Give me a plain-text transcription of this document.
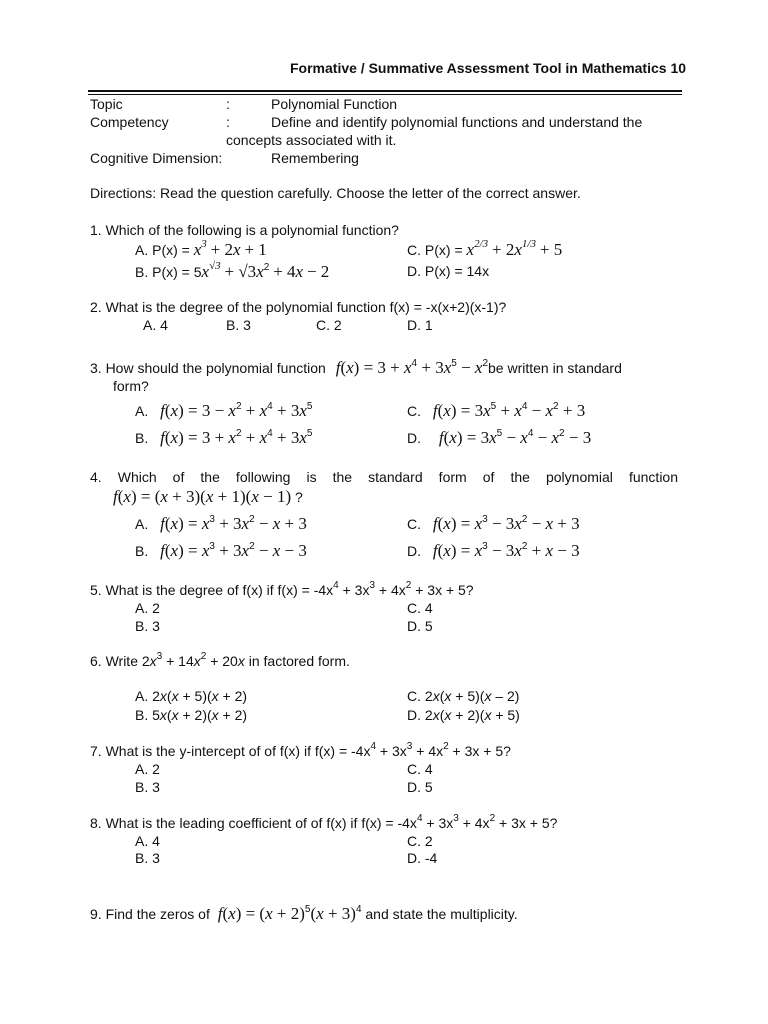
Formative / Summative Assessment Tool in Mathematics 10
Topic	:	Polynomial Function
Competency	:	Define and identify polynomial functions and understand the
concepts associated with it.
Cognitive Dimension:	Remembering
Directions: Read the question carefully. Choose the letter of the correct answer.
1. Which of the following is a polynomial function?
A. $P(x) = x^3 + 2x + 1$	C. $P(x) = x^{2/3} + 2x^{1/3} + 5$
B. $P(x) = 5x^{√3} + √3x^2 + 4x - 2$	D. P(x) = 14x
2. What is the degree of the polynomial function f(x) = -x(x+2)(x-1)?
A. 4	B. 3	C. 2	D. 1
3. How should the polynomial function $f(x) = 3 + x^4 + 3x^5 - x^2be$ written in standard
form?
A. $f(x) = 3 - x^2 + x^4 + 3x^5$	C. $f(x) = 3x^5 + x^4 - x^2 + 3$
B. $f(x) = 3 + x^2 + x^4 + 3x^5$	D. $f(x) = 3x^5 - x^4 - x^2 - 3$
4. Which of the following is the standard form of the polynomial function
f(x) = (x + 3)(x + 1)(x − 1) ?
A. $f(x) = x^3 + 3x^2 - x + 3$	C. $f(x) = x^3 - 3x^2 - x + 3$
B. $f(x) = x^3 + 3x^2 - x - 3$	D. $f(x) = x^3 - 3x^2 + x - 3$
5. What is the degree of f(x) if $f(x) = -4x^4 + 3x^3 + 4x^2 + 3x + 5$?
A. 2	C. 4
B. 3	D. 5
6. Write $2x^3 + 14x^2 + 20x$ in factored form.
A. 2x(x + 5)(x + 2)	C. 2x(x + 5)(x – 2)
B. 5x(x + 2)(x + 2)	D. 2x(x + 2)(x + 5)
7. What is the y-intercept of of f(x) if $f(x) = -4x^4 + 3x^3 + 4x^2 + 3x + 5$?
A. 2	C. 4
B. 3	D. 5
8. What is the leading coefficient of of f(x) if $f(x) = -4x^4 + 3x^3 + 4x^2 + 3x + 5$?
A. 4	C. 2
B. 3	D. -4
9. Find the zeros of $f(x) = (x + 2)^5(x + 3)^4$ and state the multiplicity.
